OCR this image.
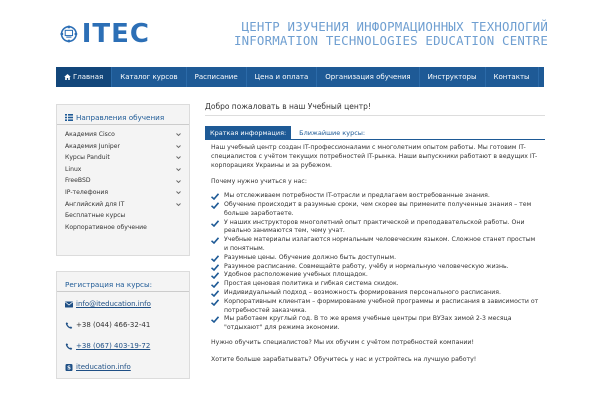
ITEC	ЦЕНТР ИЗУЧЕНИЯ ИНФОРМАЦИОННЫХ ТЕХНОЛОГИЙ
INFORMATION TECHNOLOGIES EDUCATION CENTRE
Главная	Каталог курсов	Расписание	Цена и оплата	Организация обучения	Инструкторы	Контакты
Направления обучения
Академия Cisco
Академия Juniper
Курсы Panduit
Linux
FreeBSD
IP-телефония
Английский для IT
Бесплатные курсы
Корпоративное обучение
Регистрация на курсы:
info@iteducation.info
+38 (044) 466-32-41
+38 (067) 403-19-72
S iteducation.info
Добро пожаловать в наш Учебный центр!
Краткая информация:	Ближайшие курсы:

Наш учебный центр создан IT-профессионалами с многолетним опытом работы. Мы готовим IT-специалистов с учётом текущих потребностей IT-рынка. Наши выпускники работают в ведущих IT-корпорациях Украины и за рубежом.

Почему нужно учиться у нас:

Мы отслеживаем потребности IT-отрасли и предлагаем востребованные знания.
Обучение происходит в разумные сроки, чем скорее вы примените полученные знания – тем больше заработаете.
У наших инструкторов многолетний опыт практической и преподавательской работы. Они реально занимаются тем, чему учат.
Учебные материалы излагаются нормальным человеческим языком. Сложное станет простым и понятным.
Разумные цены. Обучение должно быть доступным.
Разумное расписание. Совмещайте работу, учёбу и нормальную человеческую жизнь.
Удобное расположение учебных площадок.
Простая ценовая политика и гибкая система скидок.
Индивидуальный подход – возможность формирования персонального расписания.
Корпоративным клиентам – формирование учебной программы и расписания в зависимости от потребностей заказчика.
Мы работаем круглый год. В то же время учебные центры при ВУЗах зимой 2-3 месяца "отдыхают" для режима экономии.

Нужно обучить специалистов? Мы их обучим с учётом потребностей компании!

Хотите больше зарабатывать? Обучитесь у нас и устройтесь на лучшую работу!
